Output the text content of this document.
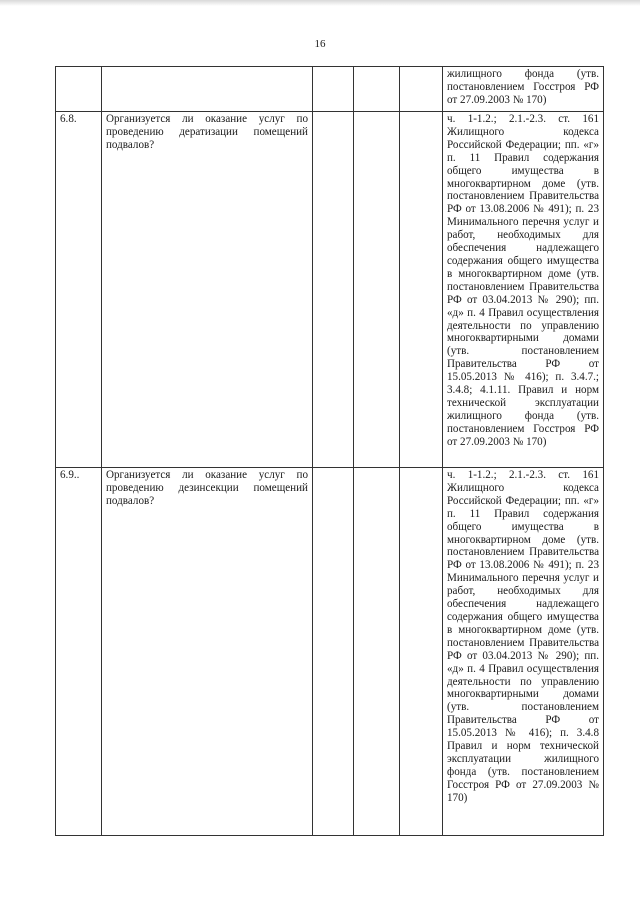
16
					жилищного фонда (утв. постановлением Госстроя РФ от 27.09.2003 № 170)
6.8.	Организуется ли оказание услуг по проведению дератизации помещений подвалов?				ч. 1-1.2.; 2.1.-2.3. ст. 161 Жилищного кодекса Российской Федерации; пп. «г» п. 11 Правил содержания общего имущества в многоквартирном доме (утв. постановлением Правительства РФ от 13.08.2006 № 491); п. 23 Минимального перечня услуг и работ, необходимых для обеспечения надлежащего содержания общего имущества в многоквартирном доме (утв. постановлением Правительства РФ от 03.04.2013 № 290); пп. «д» п. 4 Правил осуществления деятельности по управлению многоквартирными домами (утв. постановлением Правительства РФ от 15.05.2013 № 416); п. 3.4.7.; 3.4.8; 4.1.11. Правил и норм технической эксплуатации жилищного фонда (утв. постановлением Госстроя РФ от 27.09.2003 № 170)
6.9..	Организуется ли оказание услуг по проведению дезинсекции помещений подвалов?				ч. 1-1.2.; 2.1.-2.3. ст. 161 Жилищного кодекса Российской Федерации; пп. «г» п. 11 Правил содержания общего имущества в многоквартирном доме (утв. постановлением Правительства РФ от 13.08.2006 № 491); п. 23 Минимального перечня услуг и работ, необходимых для обеспечения надлежащего содержания общего имущества в многоквартирном доме (утв. постановлением Правительства РФ от 03.04.2013 № 290); пп. «д» п. 4 Правил осуществления деятельности по управлению многоквартирными домами (утв. постановлением Правительства РФ от 15.05.2013 № 416); п. 3.4.8 Правил и норм технической эксплуатации жилищного фонда (утв. постановлением Госстроя РФ от 27.09.2003 № 170)
